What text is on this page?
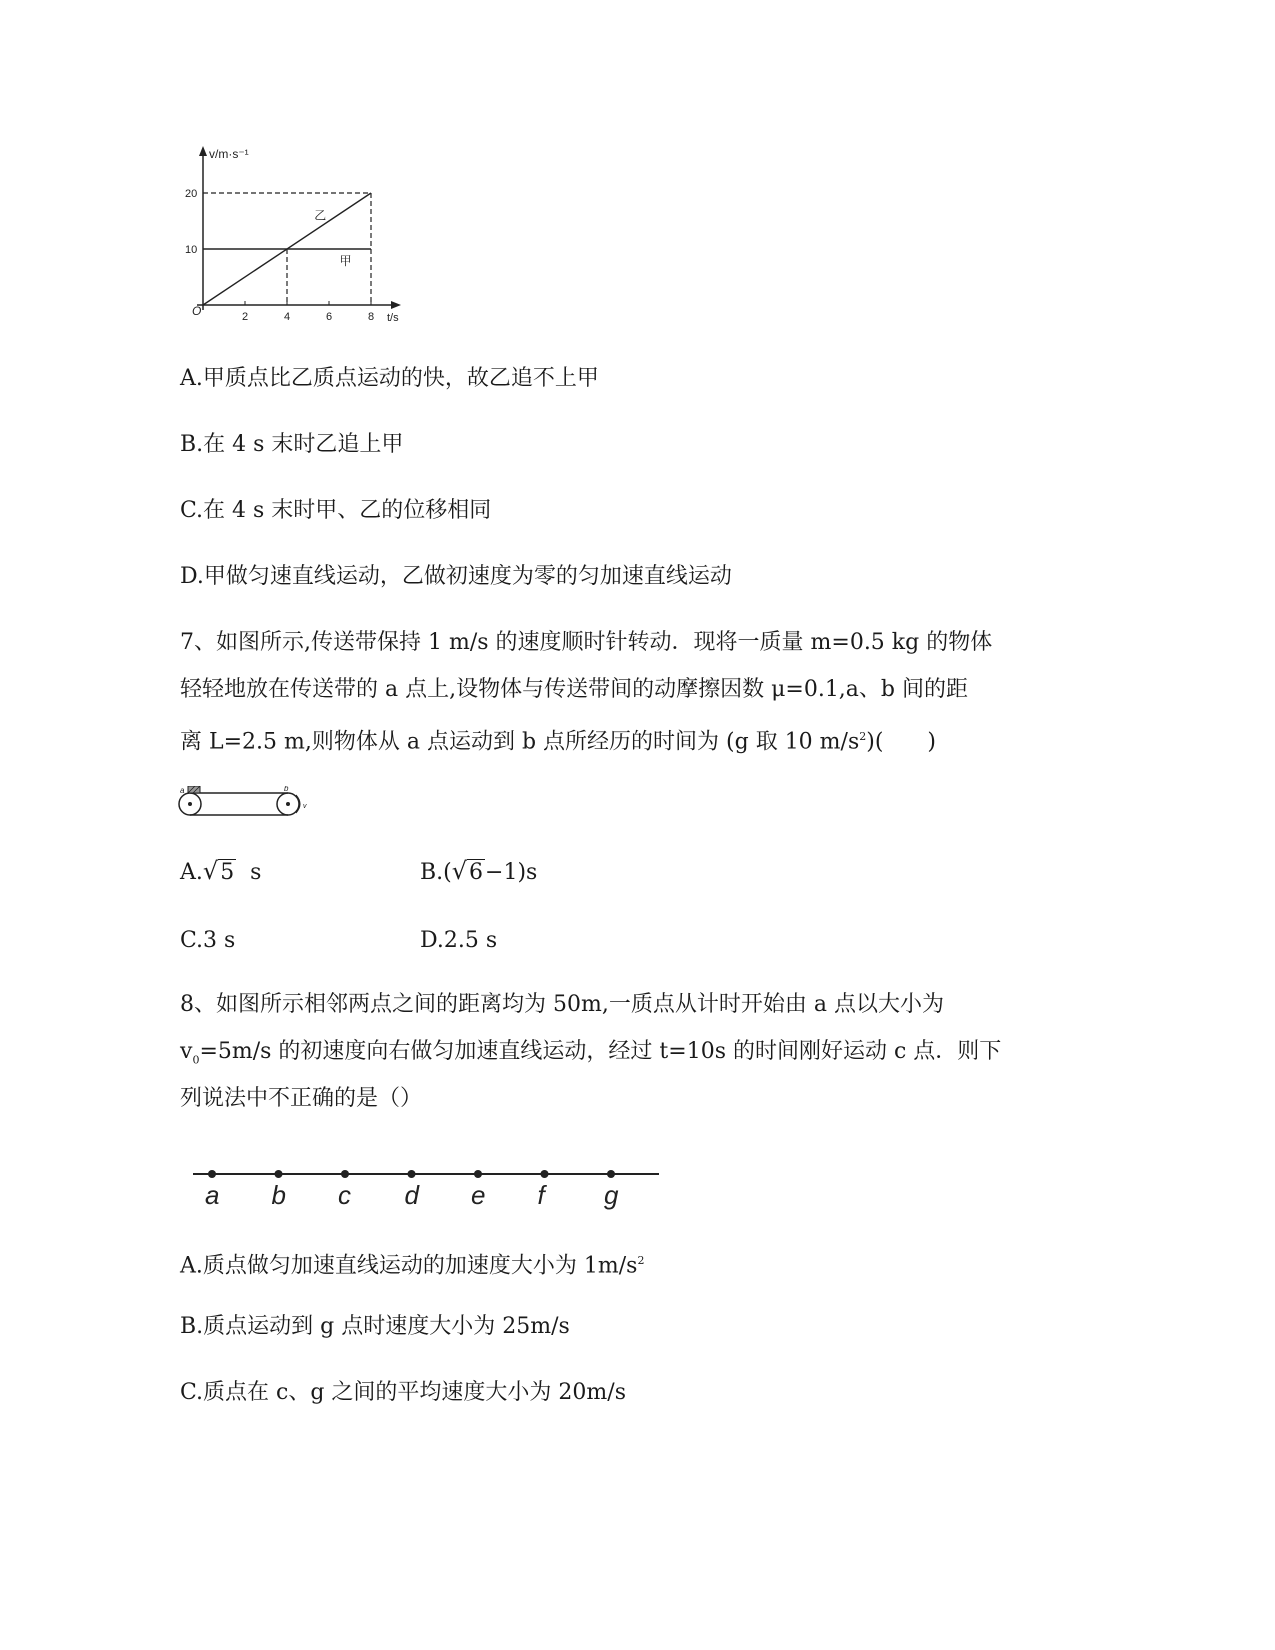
甲
乙
2	4	6	8
10
20
v/m·s⁻¹
t/s
O
A.甲质点比乙质点运动的快，故乙追不上甲
B.在 4 s 末时乙追上甲
C.在 4 s 末时甲、乙的位移相同
D.甲做匀速直线运动，乙做初速度为零的匀加速直线运动
7、如图所示,传送带保持 1 m/s 的速度顺时针转动．现将一质量 m=0.5 kg 的物体
轻轻地放在传送带的 a 点上,设物体与传送带间的动摩擦因数 μ=0.1,a、b 间的距
离 L=2.5 m,则物体从 a 点运动到 b 点所经历的时间为 (g 取 10 $m/s^2$)(　　)
a	b
v
A.√5  s	B.(√6−1)s
C.3 s	D.2.5 s
8、如图所示相邻两点之间的距离均为 50m,一质点从计时开始由 a 点以大小为
$v_0=5m/s$ 的初速度向右做匀加速直线运动，经过 t=10s 的时间刚好运动 c 点．则下
列说法中不正确的是（）
a b c d e f g
A.质点做匀加速直线运动的加速度大小为 $1m/s^2$
B.质点运动到 g 点时速度大小为 25m/s
C.质点在 c、g 之间的平均速度大小为 20m/s
